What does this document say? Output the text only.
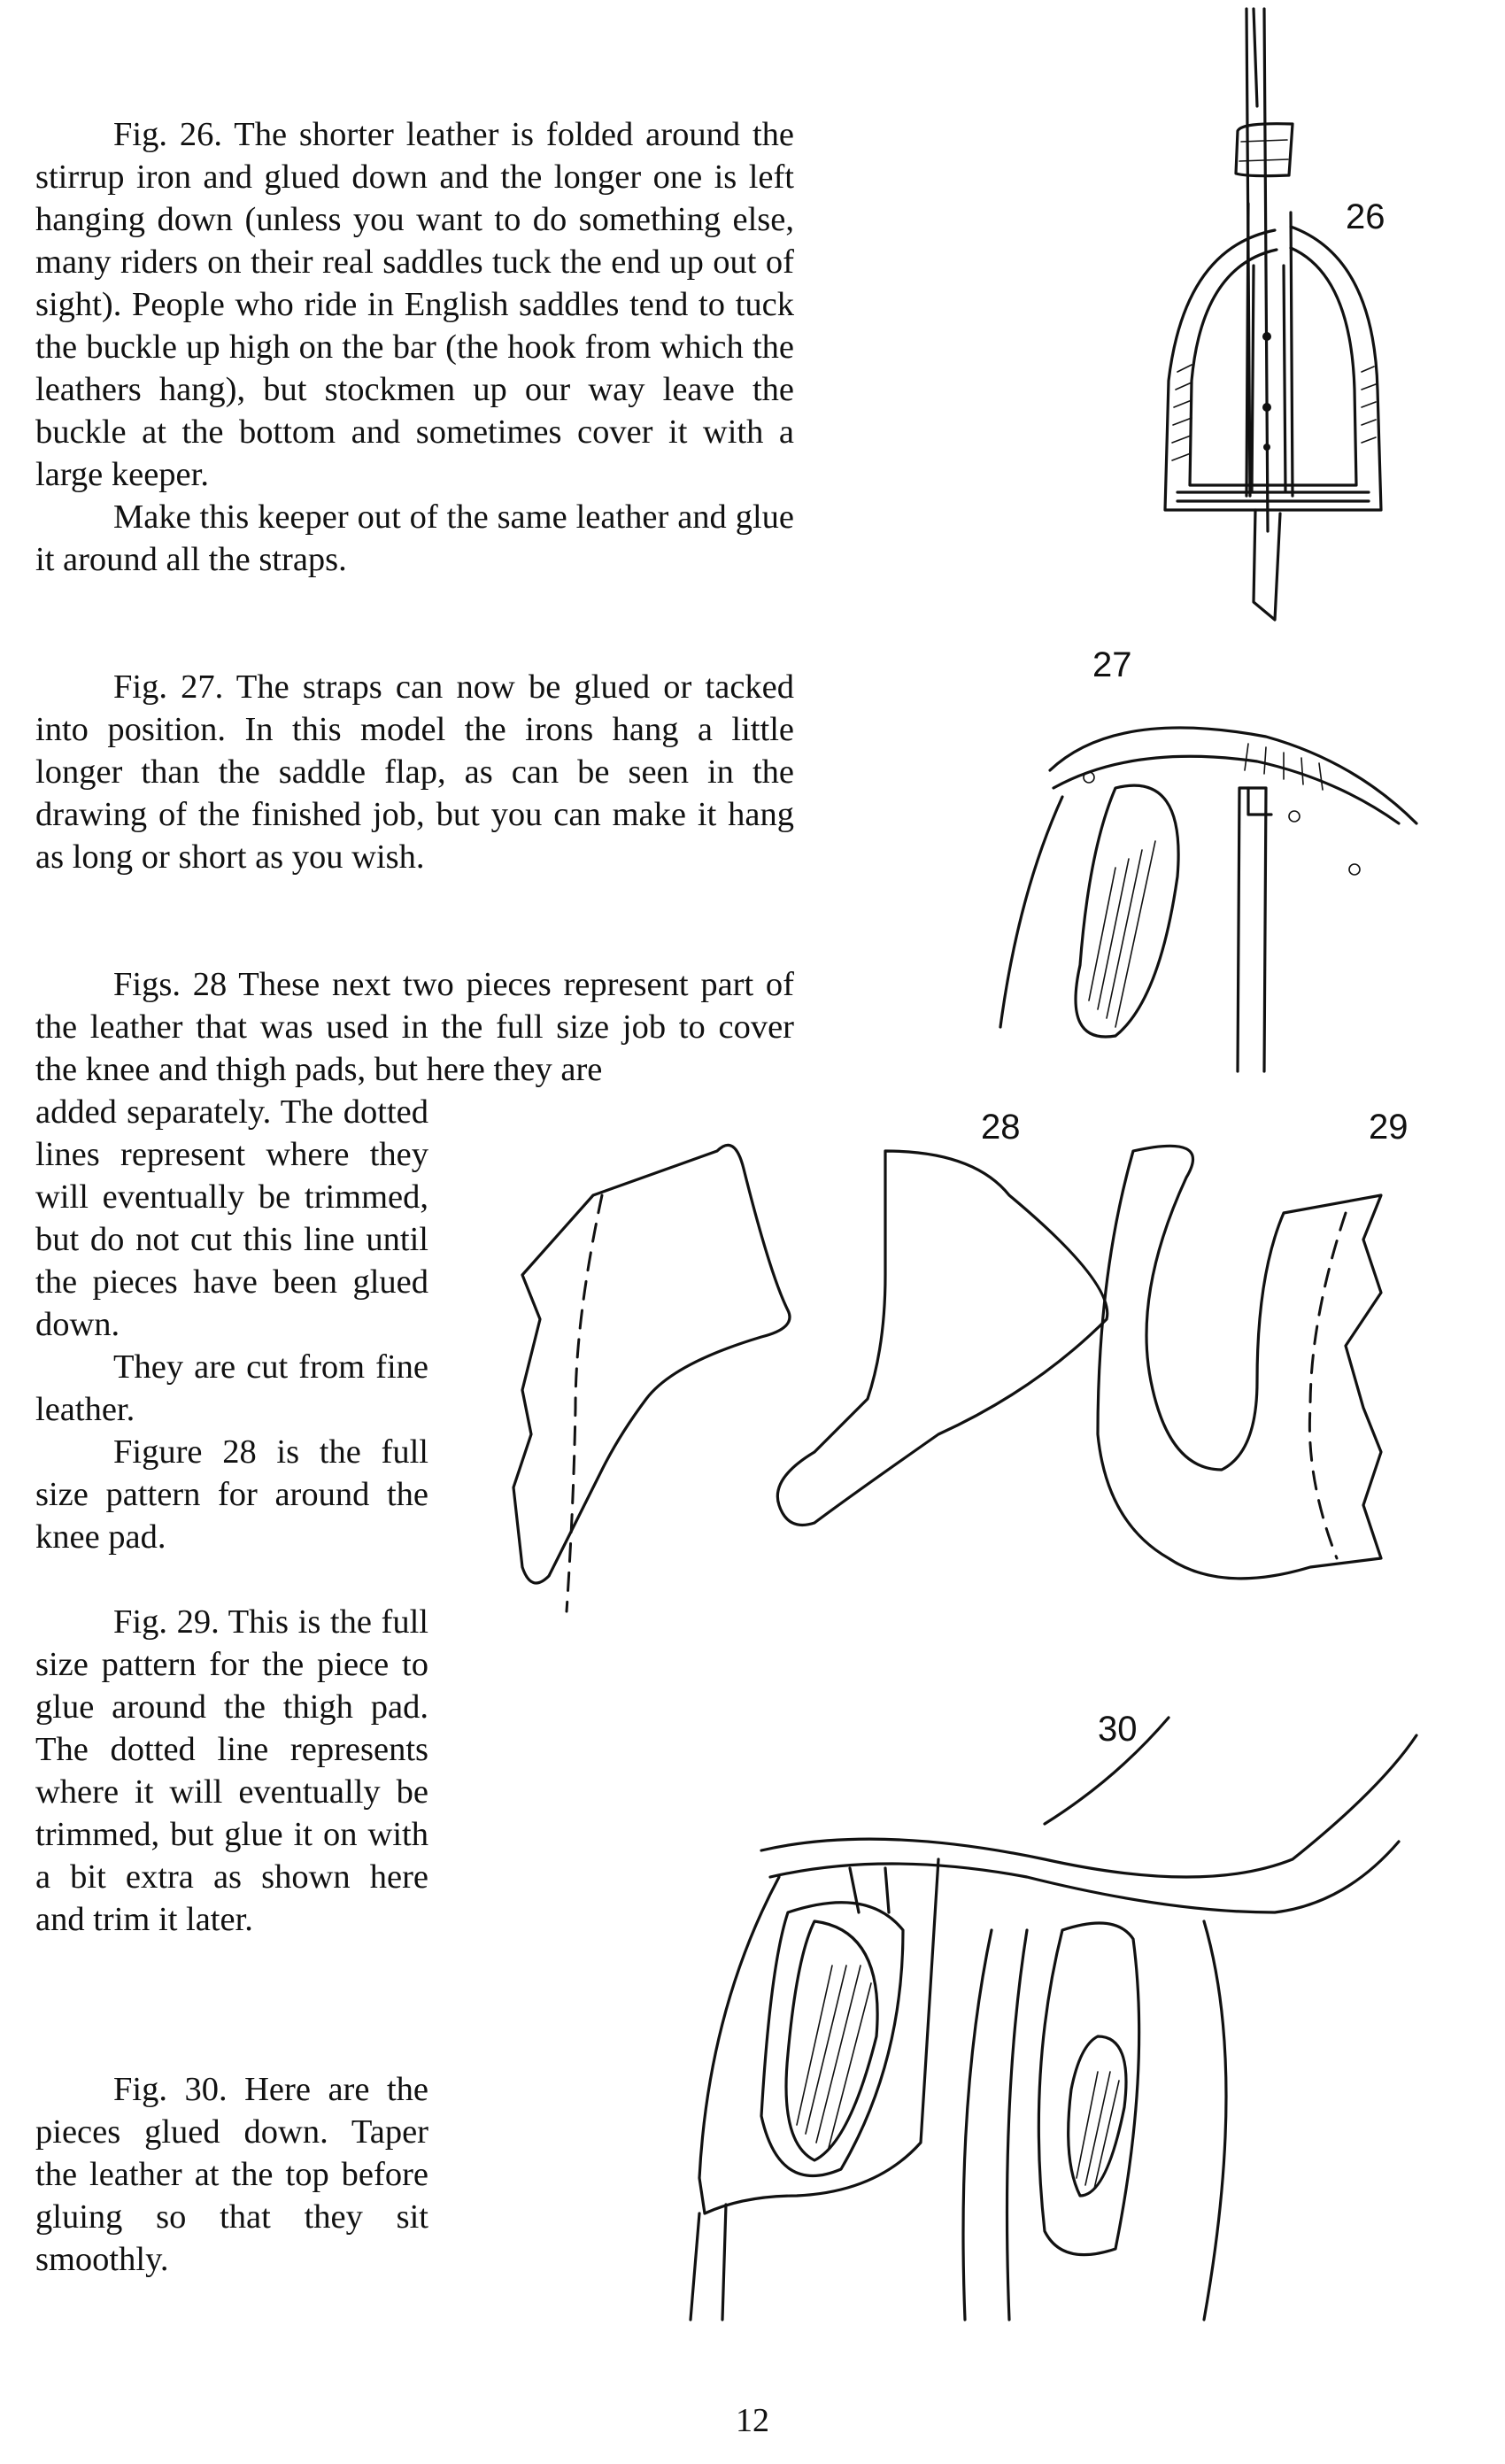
Fig. 26. The shorter leather is folded around the stirrup iron and glued down and the longer one is left hanging down (unless you want to do something else, many riders on their real saddles tuck the end up out of sight). People who ride in English saddles tend to tuck the buckle up high on the bar (the hook from which the leathers hang), but stockmen up our way leave the buckle at the bottom and sometimes cover it with a large keeper.

Make this keeper out of the same leather and glue it around all the straps.

Fig. 27. The straps can now be glued or tacked into position. In this model the irons hang a little longer than the saddle flap, as can be seen in the drawing of the finished job, but you can make it hang as long or short as you wish.

Figs. 28 These next two pieces represent part of the leather that was used in the full size job to cover the knee and thigh pads, but here they are

added separately. The dotted lines represent where they will eventually be trimmed, but do not cut this line until the pieces have been glued down.

They are cut from fine leather.

Figure 28 is the full size pattern for around the knee pad.

Fig. 29. This is the full size pattern for the piece to glue around the thigh pad. The dotted line represents where it will eventually be trimmed, but glue it on with a bit extra as shown here and trim it later.

Fig. 30. Here are the pieces glued down. Taper the leather at the top before gluing so that they sit smoothly.

26
27
28	29
30
12
